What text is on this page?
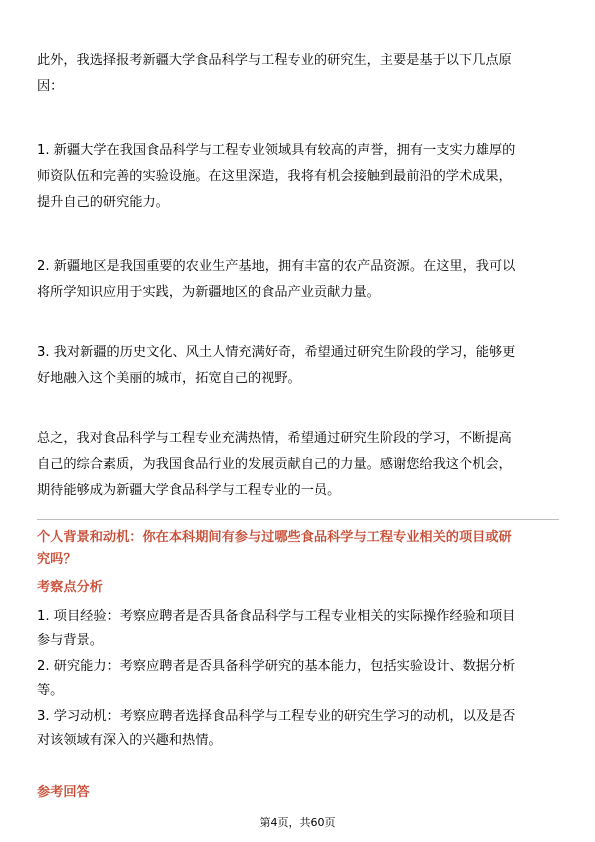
此外，我选择报考新疆大学食品科学与工程专业的研究生，主要是基于以下几点原
因：

1. 新疆大学在我国食品科学与工程专业领域具有较高的声誉，拥有一支实力雄厚的
师资队伍和完善的实验设施。在这里深造，我将有机会接触到最前沿的学术成果，
提升自己的研究能力。

2. 新疆地区是我国重要的农业生产基地，拥有丰富的农产品资源。在这里，我可以
将所学知识应用于实践，为新疆地区的食品产业贡献力量。

3. 我对新疆的历史文化、风土人情充满好奇，希望通过研究生阶段的学习，能够更
好地融入这个美丽的城市，拓宽自己的视野。

总之，我对食品科学与工程专业充满热情，希望通过研究生阶段的学习，不断提高
自己的综合素质，为我国食品行业的发展贡献自己的力量。感谢您给我这个机会，
期待能够成为新疆大学食品科学与工程专业的一员。

个人背景和动机：你在本科期间有参与过哪些食品科学与工程专业相关的项目或研
究吗？

考察点分析

1. 项目经验：考察应聘者是否具备食品科学与工程专业相关的实际操作经验和项目
参与背景。
2. 研究能力：考察应聘者是否具备科学研究的基本能力，包括实验设计、数据分析
等。
3. 学习动机：考察应聘者选择食品科学与工程专业的研究生学习的动机，以及是否
对该领域有深入的兴趣和热情。

参考回答

第4页，共60页
